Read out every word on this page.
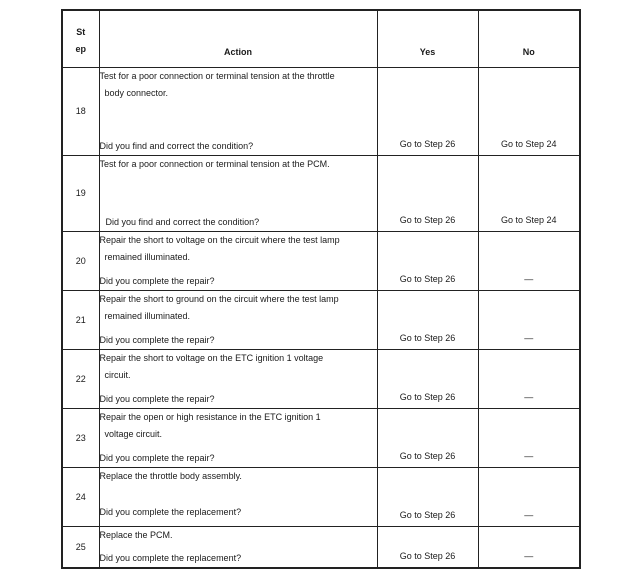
St
ep	Action	Yes	No
18	Test for a poor connection or terminal tension at the throttle
body connector.
Did you find and correct the condition?	Go to Step 26	Go to Step 24
19	Test for a poor connection or terminal tension at the PCM.
Did you find and correct the condition?	Go to Step 26	Go to Step 24
20	Repair the short to voltage on the circuit where the test lamp
remained illuminated.
Did you complete the repair?	Go to Step 26	—
21	Repair the short to ground on the circuit where the test lamp
remained illuminated.
Did you complete the repair?	Go to Step 26	—
22	Repair the short to voltage on the ETC ignition 1 voltage
circuit.
Did you complete the repair?	Go to Step 26	—
23	Repair the open or high resistance in the ETC ignition 1
voltage circuit.
Did you complete the repair?	Go to Step 26	—
24	Replace the throttle body assembly.
Did you complete the replacement?	Go to Step 26	—
25	Replace the PCM.
Did you complete the replacement?	Go to Step 26	—
